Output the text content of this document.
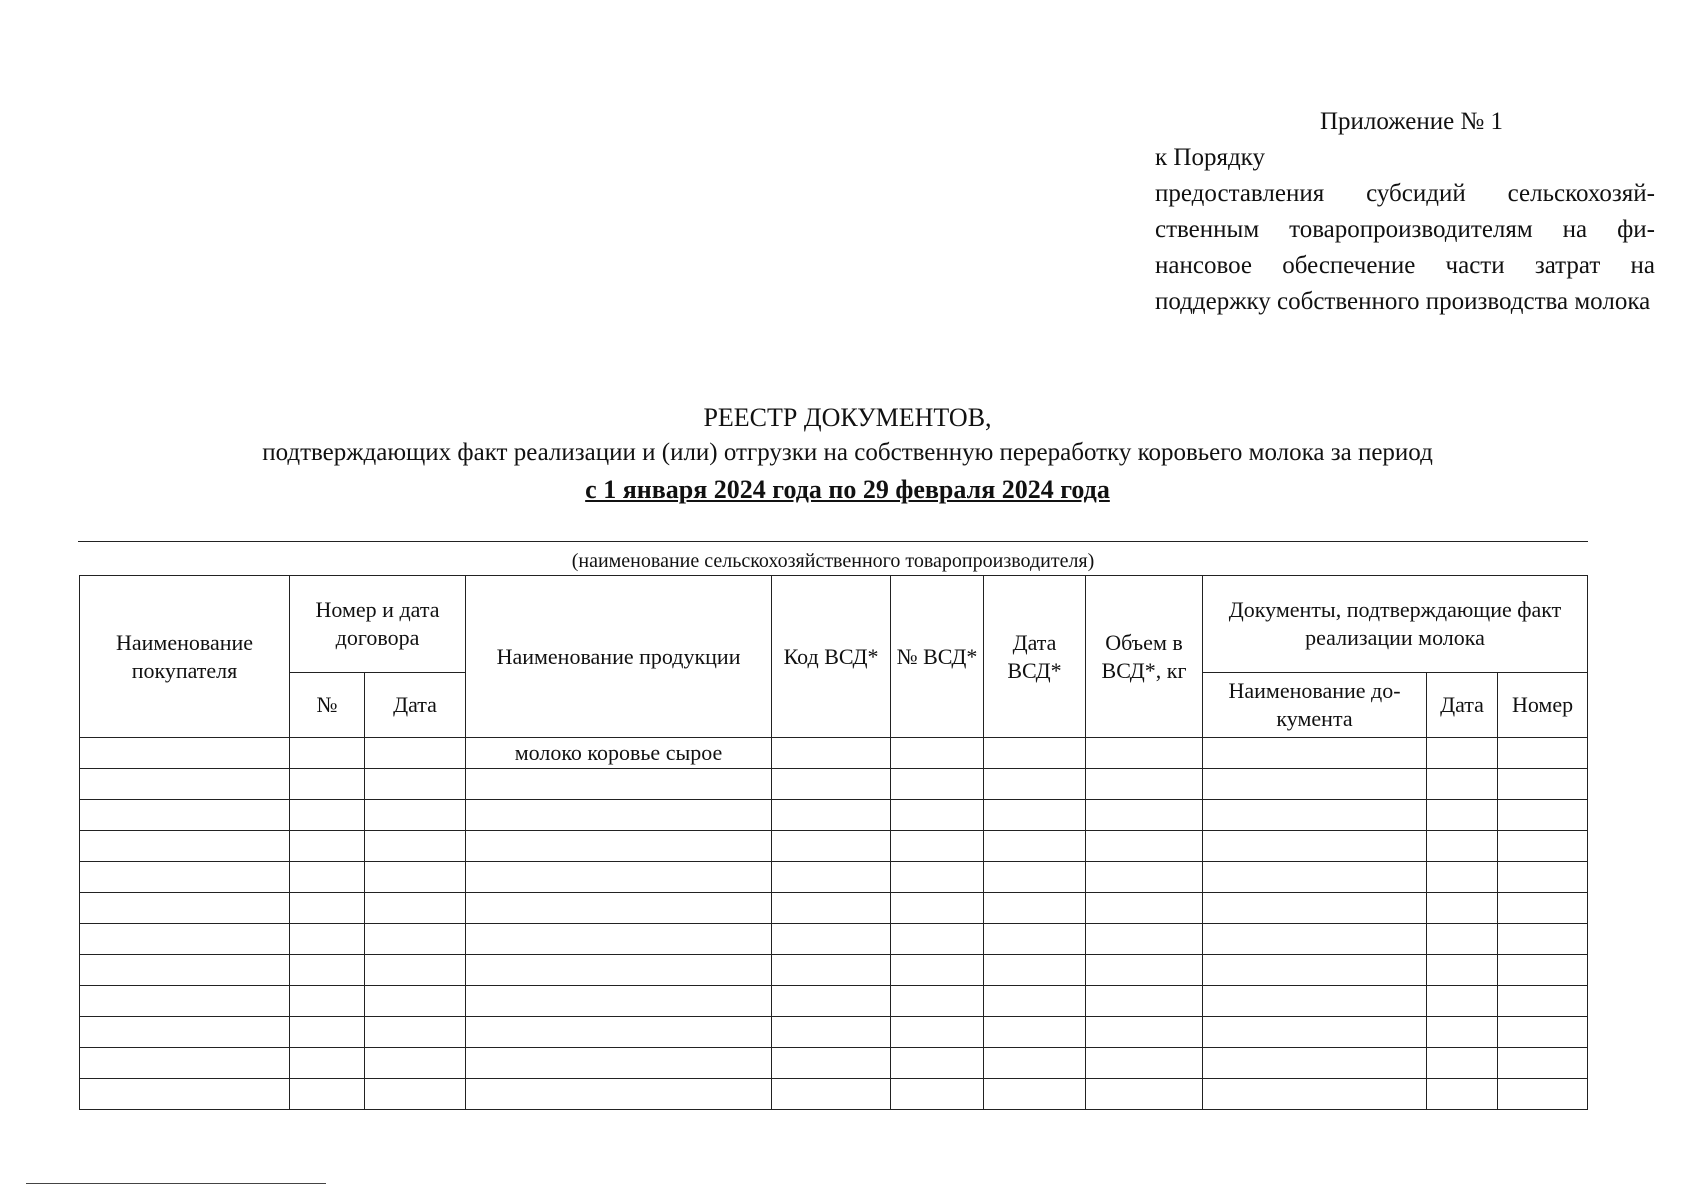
Приложение № 1
к Порядку
предоставления субсидий сельскохозяй-ственным товаропроизводителям на фи-нансовое обеспечение части затрат на поддержку собственного производства молока
РЕЕСТР ДОКУМЕНТОВ,
подтверждающих факт реализации и (или) отгрузки на собственную переработку коровьего молока за период
с 1 января 2024 года по 29 февраля 2024 года
(наименование сельскохозяйственного товаропроизводителя)
Наименование покупателя	Номер и дата договора		Наименование продукции	Код ВСД*	№ ВСД*	Дата ВСД*	Объем в ВСД*, кг	Документы, подтверждающие факт реализации молока		
	№	Дата						Наименование до-кумента	Дата	Номер
			молоко коровье сырое							
